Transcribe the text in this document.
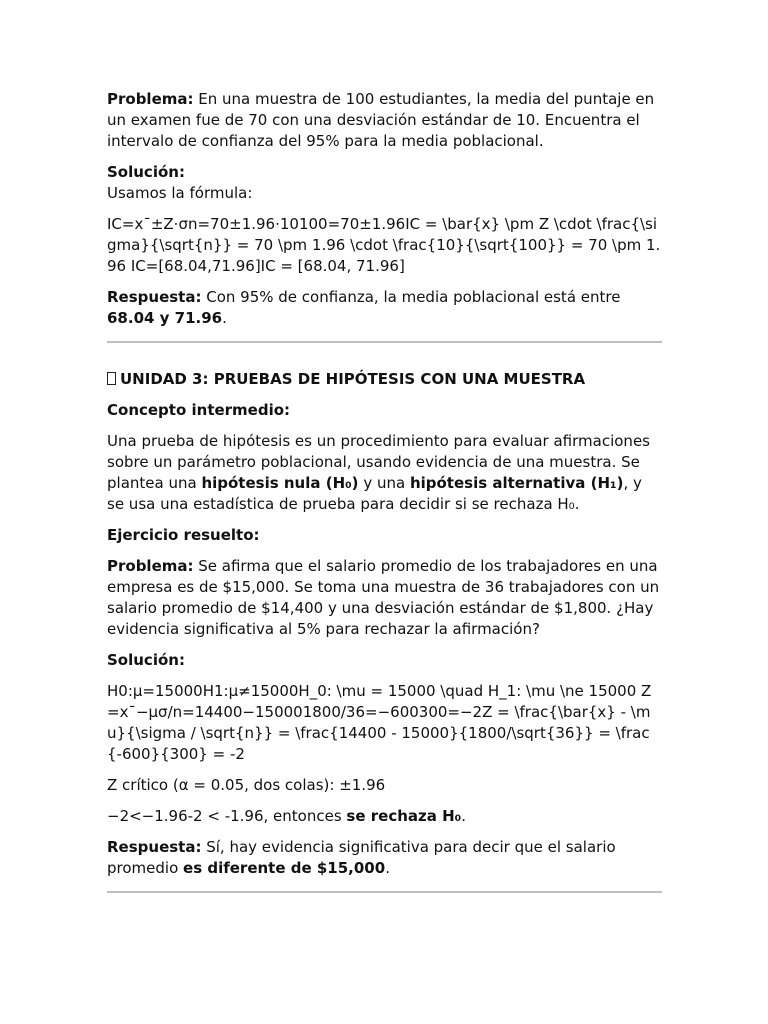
Problema: En una muestra de 100 estudiantes, la media del puntaje en un examen fue de 70 con una desviación estándar de 10. Encuentra el intervalo de confianza del 95% para la media poblacional.

Solución:

Usamos la fórmula:

IC=x¯±Z⋅σn=70±1.96⋅10100=70±1.96IC = \bar{x} \pm Z \cdot \frac{\sigma}{\sqrt{n}} = 70 \pm 1.96 \cdot \frac{10}{\sqrt{100}} = 70 \pm 1.96 IC=[68.04,71.96]IC = [68.04, 71.96]

Respuesta: Con 95% de confianza, la media poblacional está entre 68.04 y 71.96.

UNIDAD 3: PRUEBAS DE HIPÓTESIS CON UNA MUESTRA

Concepto intermedio:

Una prueba de hipótesis es un procedimiento para evaluar afirmaciones sobre un parámetro poblacional, usando evidencia de una muestra. Se plantea una hipótesis nula (H₀) y una hipótesis alternativa (H₁), y se usa una estadística de prueba para decidir si se rechaza H₀.

Ejercicio resuelto:

Problema: Se afirma que el salario promedio de los trabajadores en una empresa es de $15,000. Se toma una muestra de 36 trabajadores con un salario promedio de $14,400 y una desviación estándar de $1,800. ¿Hay evidencia significativa al 5% para rechazar la afirmación?

Solución:

H0:μ=15000H1:μ≠15000H_0: \mu = 15000 \quad H_1: \mu \ne 15000 Z=x¯−μσ/n=14400−150001800/36=−600300=−2Z = \frac{\bar{x} - \mu}{\sigma / \sqrt{n}} = \frac{14400 - 15000}{1800/\sqrt{36}} = \frac{-600}{300} = -2

Z crítico (α = 0.05, dos colas): ±1.96

−2<−1.96-2 < -1.96, entonces se rechaza H₀.

Respuesta: Sí, hay evidencia significativa para decir que el salario promedio es diferente de $15,000.
